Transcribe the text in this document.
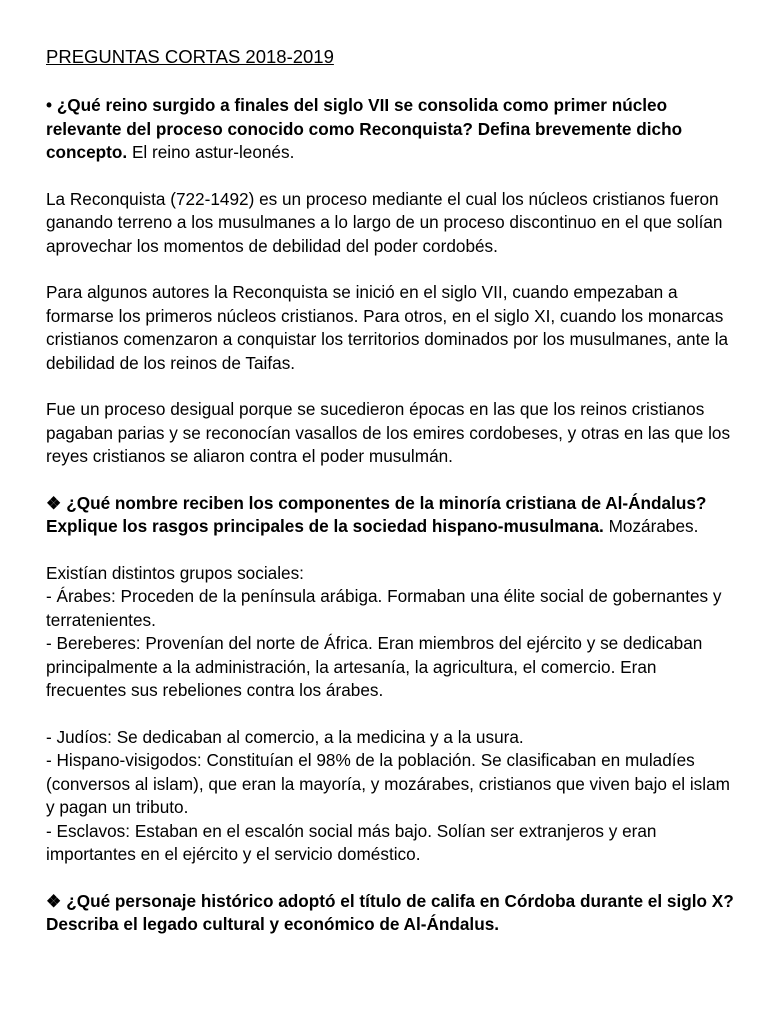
PREGUNTAS CORTAS 2018-2019

• ¿Qué reino surgido a finales del siglo VII se consolida como primer núcleo relevante del proceso conocido como Reconquista? Defina brevemente dicho concepto. El reino astur-leonés.

La Reconquista (722-1492) es un proceso mediante el cual los núcleos cristianos fueron ganando terreno a los musulmanes a lo largo de un proceso discontinuo en el que solían aprovechar los momentos de debilidad del poder cordobés.

Para algunos autores la Reconquista se inició en el siglo VII, cuando empezaban a formarse los primeros núcleos cristianos. Para otros, en el siglo XI, cuando los monarcas cristianos comenzaron a conquistar los territorios dominados por los musulmanes, ante la debilidad de los reinos de Taifas.

Fue un proceso desigual porque se sucedieron épocas en las que los reinos cristianos pagaban parias y se reconocían vasallos de los emires cordobeses, y otras en las que los reyes cristianos se aliaron contra el poder musulmán.

❖ ¿Qué nombre reciben los componentes de la minoría cristiana de Al-Ándalus? Explique los rasgos principales de la sociedad hispano-musulmana. Mozárabes.

Existían distintos grupos sociales:
- Árabes: Proceden de la península arábiga. Formaban una élite social de gobernantes y terratenientes.
- Bereberes: Provenían del norte de África. Eran miembros del ejército y se dedicaban principalmente a la administración, la artesanía, la agricultura, el comercio. Eran frecuentes sus rebeliones contra los árabes.
- Judíos: Se dedicaban al comercio, a la medicina y a la usura.
- Hispano-visigodos: Constituían el 98% de la población. Se clasificaban en muladíes (conversos al islam), que eran la mayoría, y mozárabes, cristianos que viven bajo el islam y pagan un tributo.
- Esclavos: Estaban en el escalón social más bajo. Solían ser extranjeros y eran importantes en el ejército y el servicio doméstico.

❖ ¿Qué personaje histórico adoptó el título de califa en Córdoba durante el siglo X? Describa el legado cultural y económico de Al-Ándalus.
